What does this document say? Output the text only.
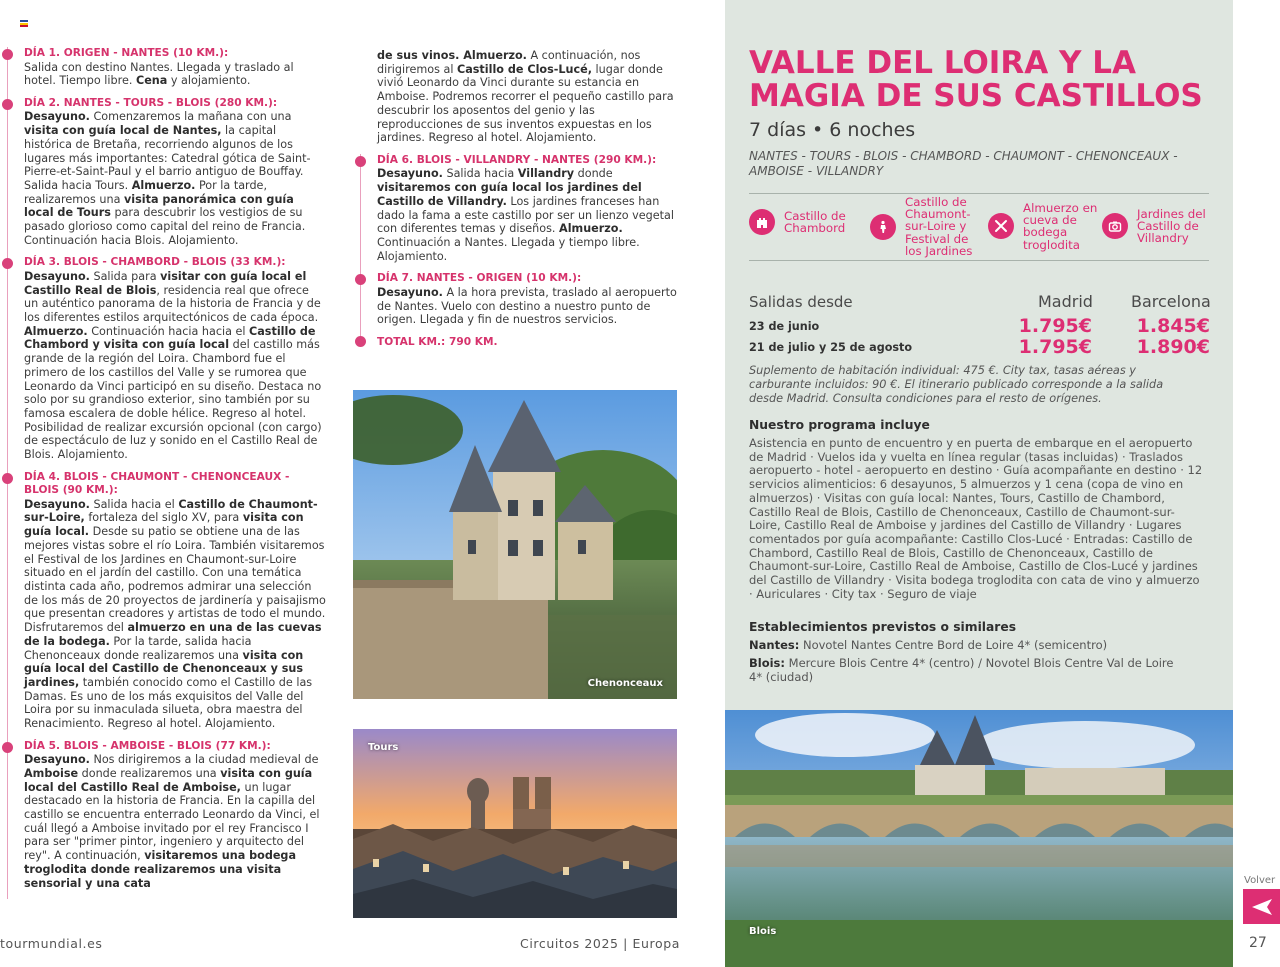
DÍA 1. ORIGEN - NANTES (10 KM.):
Salida con destino Nantes. Llegada y traslado al hotel. Tiempo libre. Cena y alojamiento.
DÍA 2. NANTES - TOURS - BLOIS (280 KM.):
Desayuno. Comenzaremos la mañana con una visita con guía local de Nantes, la capital histórica de Bretaña, recorriendo algunos de los lugares más importantes: Catedral gótica de Saint-Pierre-et-Saint-Paul y el barrio antiguo de Bouffay. Salida hacia Tours. Almuerzo. Por la tarde, realizaremos una visita panorámica con guía local de Tours para descubrir los vestigios de su pasado glorioso como capital del reino de Francia. Continuación hacia Blois. Alojamiento.
DÍA 3. BLOIS - CHAMBORD - BLOIS (33 KM.):
Desayuno. Salida para visitar con guía local el Castillo Real de Blois, residencia real que ofrece un auténtico panorama de la historia de Francia y de los diferentes estilos arquitectónicos de cada época. Almuerzo. Continuación hacia hacia el Castillo de Chambord y visita con guía local del castillo más grande de la región del Loira. Chambord fue el primero de los castillos del Valle y se rumorea que Leonardo da Vinci participó en su diseño. Destaca no solo por su grandioso exterior, sino también por su famosa escalera de doble hélice. Regreso al hotel. Posibilidad de realizar excursión opcional (con cargo) de espectáculo de luz y sonido en el Castillo Real de Blois. Alojamiento.
DÍA 4. BLOIS - CHAUMONT - CHENONCEAUX - BLOIS (90 KM.):
Desayuno. Salida hacia el Castillo de Chaumont-sur-Loire, fortaleza del siglo XV, para visita con guía local. Desde su patio se obtiene una de las mejores vistas sobre el río Loira. También visitaremos el Festival de los Jardines en Chaumont-sur-Loire situado en el jardín del castillo. Con una temática distinta cada año, podremos admirar una selección de los más de 20 proyectos de jardinería y paisajismo que presentan creadores y artistas de todo el mundo. Disfrutaremos del almuerzo en una de las cuevas de la bodega. Por la tarde, salida hacia Chenonceaux donde realizaremos una visita con guía local del Castillo de Chenonceaux y sus jardines, también conocido como el Castillo de las Damas. Es uno de los más exquisitos del Valle del Loira por su inmaculada silueta, obra maestra del Renacimiento. Regreso al hotel. Alojamiento.
DÍA 5. BLOIS - AMBOISE - BLOIS (77 KM.):
Desayuno. Nos dirigiremos a la ciudad medieval de Amboise donde realizaremos una visita con guía local del Castillo Real de Amboise, un lugar destacado en la historia de Francia. En la capilla del castillo se encuentra enterrado Leonardo da Vinci, el cuál llegó a Amboise invitado por el rey Francisco I para ser "primer pintor, ingeniero y arquitecto del rey". A continuación, visitaremos una bodega troglodita donde realizaremos una visita sensorial y una cata
de sus vinos. Almuerzo. A continuación, nos dirigiremos al Castillo de Clos-Lucé, lugar donde vivió Leonardo da Vinci durante su estancia en Amboise. Podremos recorrer el pequeño castillo para descubrir los aposentos del genio y las reproducciones de sus inventos expuestas en los jardines. Regreso al hotel. Alojamiento.
DÍA 6. BLOIS - VILLANDRY - NANTES (290 KM.):
Desayuno. Salida hacia Villandry donde visitaremos con guía local los jardines del Castillo de Villandry. Los jardines franceses han dado la fama a este castillo por ser un lienzo vegetal con diferentes temas y diseños. Almuerzo. Continuación a Nantes. Llegada y tiempo libre. Alojamiento.
DÍA 7. NANTES - ORIGEN (10 KM.):
Desayuno. A la hora prevista, traslado al aeropuerto de Nantes. Vuelo con destino a nuestro punto de origen. Llegada y fin de nuestros servicios.
TOTAL KM.: 790 KM.
Chenonceaux
Tours
VALLE DEL LOIRA Y LA MAGIA DE SUS CASTILLOS
7 días • 6 noches
NANTES - TOURS - BLOIS - CHAMBORD - CHAUMONT - CHENONCEAUX - AMBOISE - VILLANDRY
Castillo de Chambord
Castillo de Chaumont-sur-Loire y Festival de los Jardines
Almuerzo en cueva de bodega troglodita
Jardines del Castillo de Villandry
Salidas desde	Madrid Barcelona
23 de junio	1.795€	1.845€
21 de julio y 25 de agosto	1.795€	1.890€
Suplemento de habitación individual: 475 €. City tax, tasas aéreas y carburante incluidos: 90 €. El itinerario publicado corresponde a la salida desde Madrid. Consulta condiciones para el resto de orígenes.
Nuestro programa incluye
Asistencia en punto de encuentro y en puerta de embarque en el aeropuerto de Madrid · Vuelos ida y vuelta en línea regular (tasas incluidas) · Traslados aeropuerto - hotel - aeropuerto en destino · Guía acompañante en destino · 12 servicios alimenticios: 6 desayunos, 5 almuerzos y 1 cena (copa de vino en almuerzos) · Visitas con guía local: Nantes, Tours, Castillo de Chambord, Castillo Real de Blois, Castillo de Chenonceaux, Castillo de Chaumont-sur-Loire, Castillo Real de Amboise y jardines del Castillo de Villandry · Lugares comentados por guía acompañante: Castillo Clos-Lucé · Entradas: Castillo de Chambord, Castillo Real de Blois, Castillo de Chenonceaux, Castillo de Chaumont-sur-Loire, Castillo Real de Amboise, Castillo de Clos-Lucé y jardines del Castillo de Villandry · Visita bodega troglodita con cata de vino y almuerzo · Auriculares · City tax · Seguro de viaje
Establecimientos previstos o similares
Nantes: Novotel Nantes Centre Bord de Loire 4* (semicentro)
Blois: Mercure Blois Centre 4* (centro) / Novotel Blois Centre Val de Loire 4* (ciudad)
Blois
tourmundial.es	Circuitos 2025 | Europa	27
Volver
